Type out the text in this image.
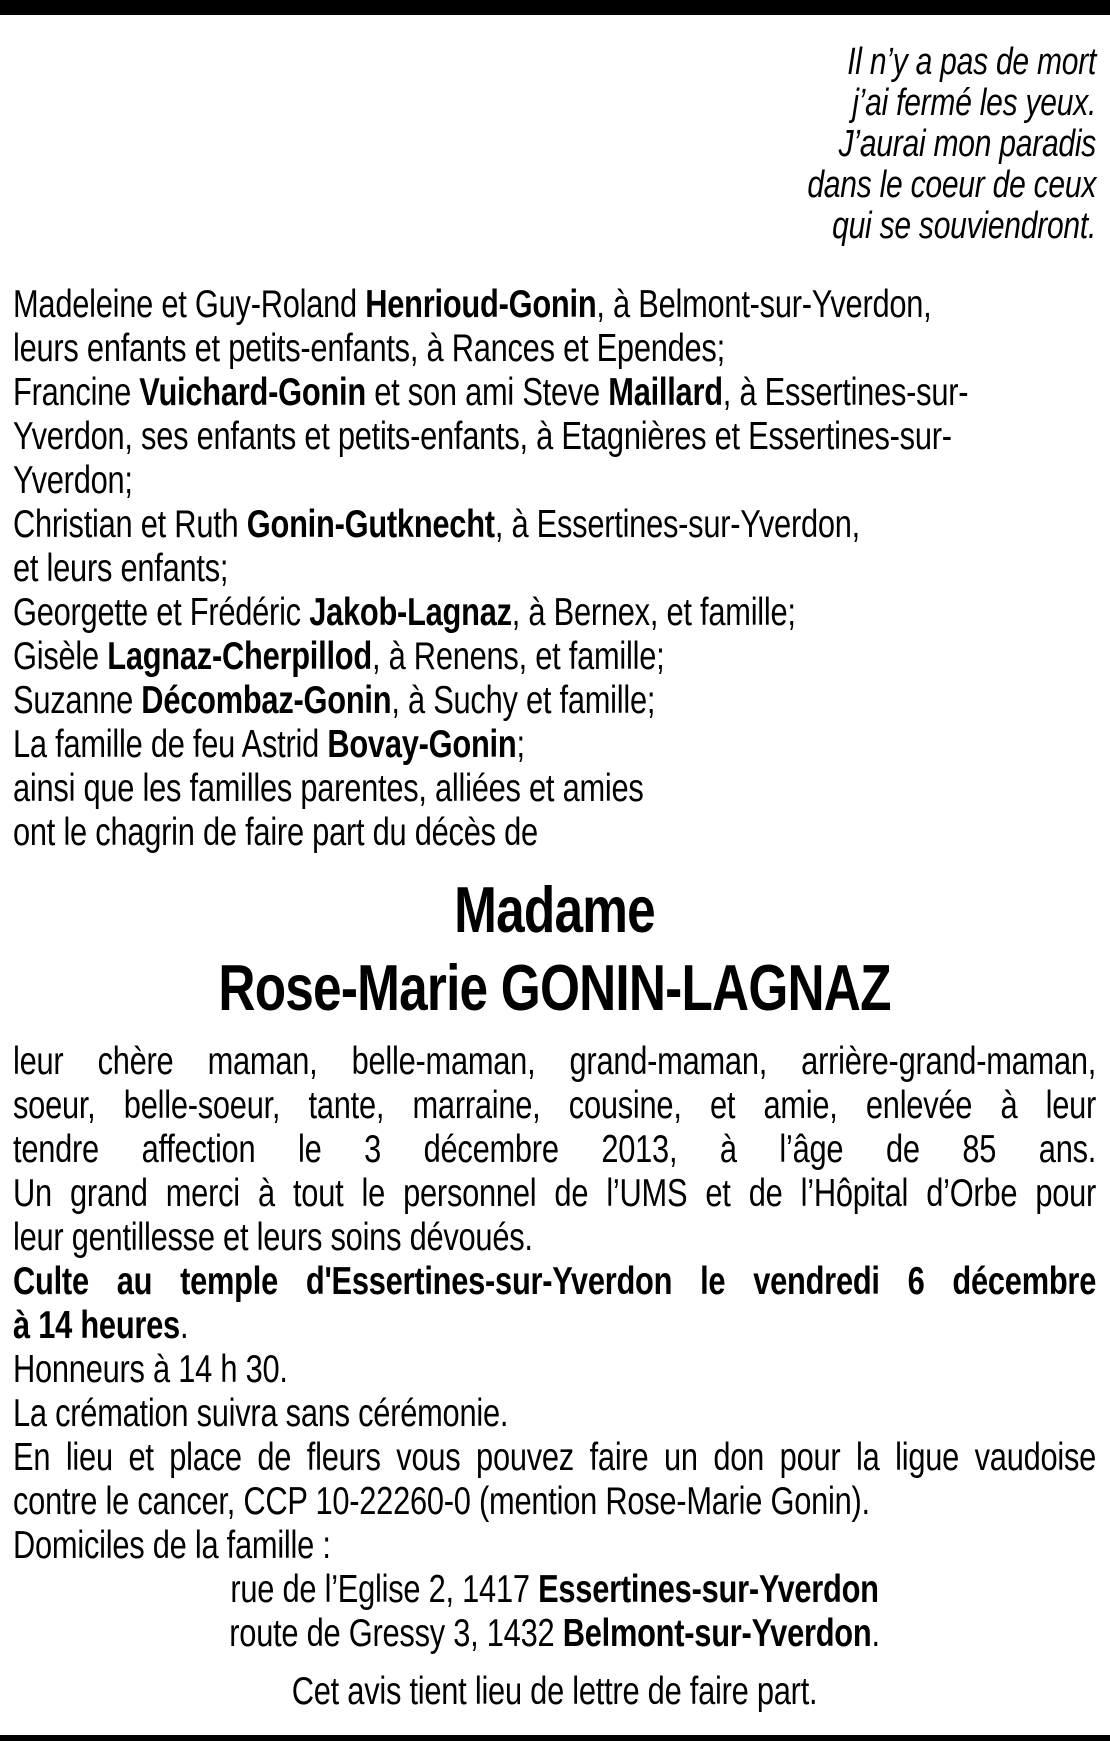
Il n’y a pas de mort
j’ai fermé les yeux.
J’aurai mon paradis
dans le coeur de ceux
qui se souviendront.
Madeleine et Guy-Roland Henrioud-Gonin, à Belmont-sur-Yverdon,
leurs enfants et petits-enfants, à Rances et Ependes;
Francine Vuichard-Gonin et son ami Steve Maillard, à Essertines-sur-
Yverdon, ses enfants et petits-enfants, à Etagnières et Essertines-sur-
Yverdon;
Christian et Ruth Gonin-Gutknecht, à Essertines-sur-Yverdon,
et leurs enfants;
Georgette et Frédéric Jakob-Lagnaz, à Bernex, et famille;
Gisèle Lagnaz-Cherpillod, à Renens, et famille;
Suzanne Décombaz-Gonin, à Suchy et famille;
La famille de feu Astrid Bovay-Gonin;
ainsi que les familles parentes, alliées et amies
ont le chagrin de faire part du décès de
Madame
Rose-Marie GONIN-LAGNAZ
leur chère maman, belle-maman, grand-maman, arrière-grand-maman,
soeur, belle-soeur, tante, marraine, cousine, et amie, enlevée à leur
tendre affection le 3 décembre 2013, à l’âge de 85 ans.
Un grand merci à tout le personnel de l’UMS et de l’Hôpital d’Orbe pour
leur gentillesse et leurs soins dévoués.
Culte au temple d'Essertines-sur-Yverdon le vendredi 6 décembre
à 14 heures.
Honneurs à 14 h 30.
La crémation suivra sans cérémonie.
En lieu et place de fleurs vous pouvez faire un don pour la ligue vaudoise
contre le cancer, CCP 10-22260-0 (mention Rose-Marie Gonin).
Domiciles de la famille :
rue de l’Eglise 2, 1417 Essertines-sur-Yverdon
route de Gressy 3, 1432 Belmont-sur-Yverdon.
Cet avis tient lieu de lettre de faire part.
